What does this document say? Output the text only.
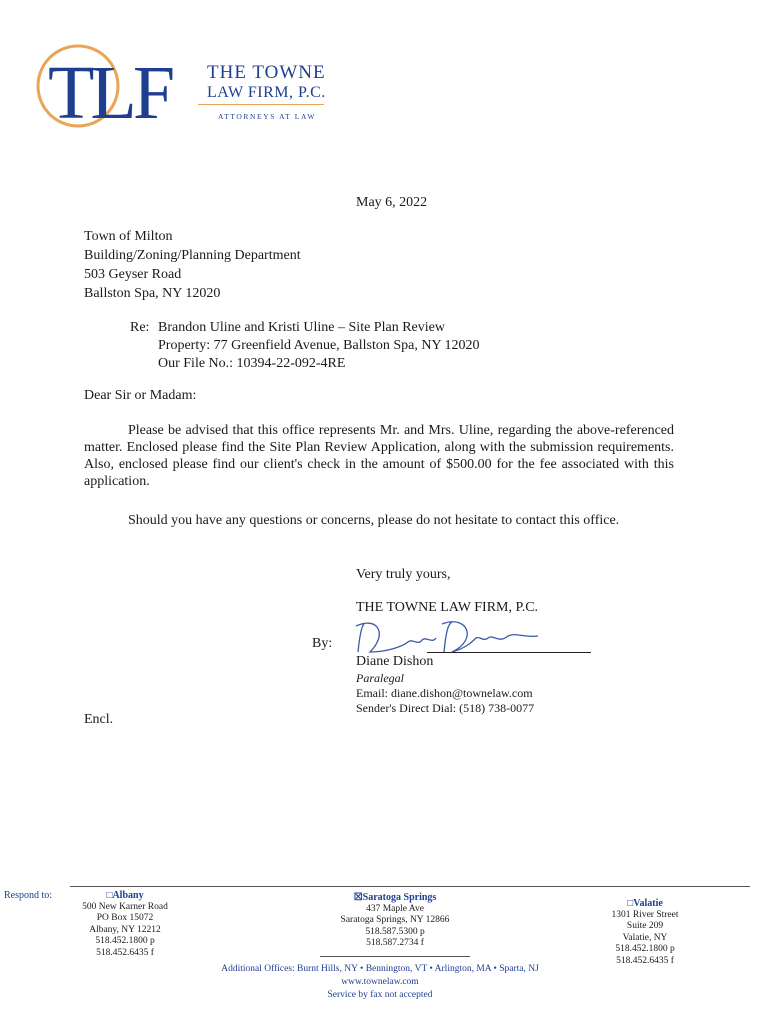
TLF THE TOWNE
LAW FIRM, P.C.
ATTORNEYS AT LAW
May 6, 2022
Town of Milton
Building/Zoning/Planning Department
503 Geyser Road
Ballston Spa, NY 12020
Re: Brandon Uline and Kristi Uline – Site Plan Review
Property: 77 Greenfield Avenue, Ballston Spa, NY 12020
Our File No.: 10394-22-092-4RE
Dear Sir or Madam:
Please be advised that this office represents Mr. and Mrs. Uline, regarding the above-referenced matter. Enclosed please find the Site Plan Review Application, along with the submission requirements. Also, enclosed please find our client's check in the amount of $500.00 for the fee associated with this application.
Should you have any questions or concerns, please do not hesitate to contact this office.
Very truly yours,
THE TOWNE LAW FIRM, P.C.
By:
Diane Dishon
Paralegal
Email: diane.dishon@townelaw.com
Sender's Direct Dial: (518) 738-0077
Encl.
Respond to:	□Albany
500 New Karner Road
PO Box 15072
Albany, NY 12212
518.452.1800 p
518.452.6435 f
☒Saratoga Springs
437 Maple Ave
Saratoga Springs, NY 12866
518.587.5300 p
518.587.2734 f
□Valatie
1301 River Street
Suite 209
Valatie, NY
518.452.1800 p
518.452.6435 f
Additional Offices: Burnt Hills, NY • Bennington, VT • Arlington, MA • Sparta, NJ
www.townelaw.com
Service by fax not accepted
